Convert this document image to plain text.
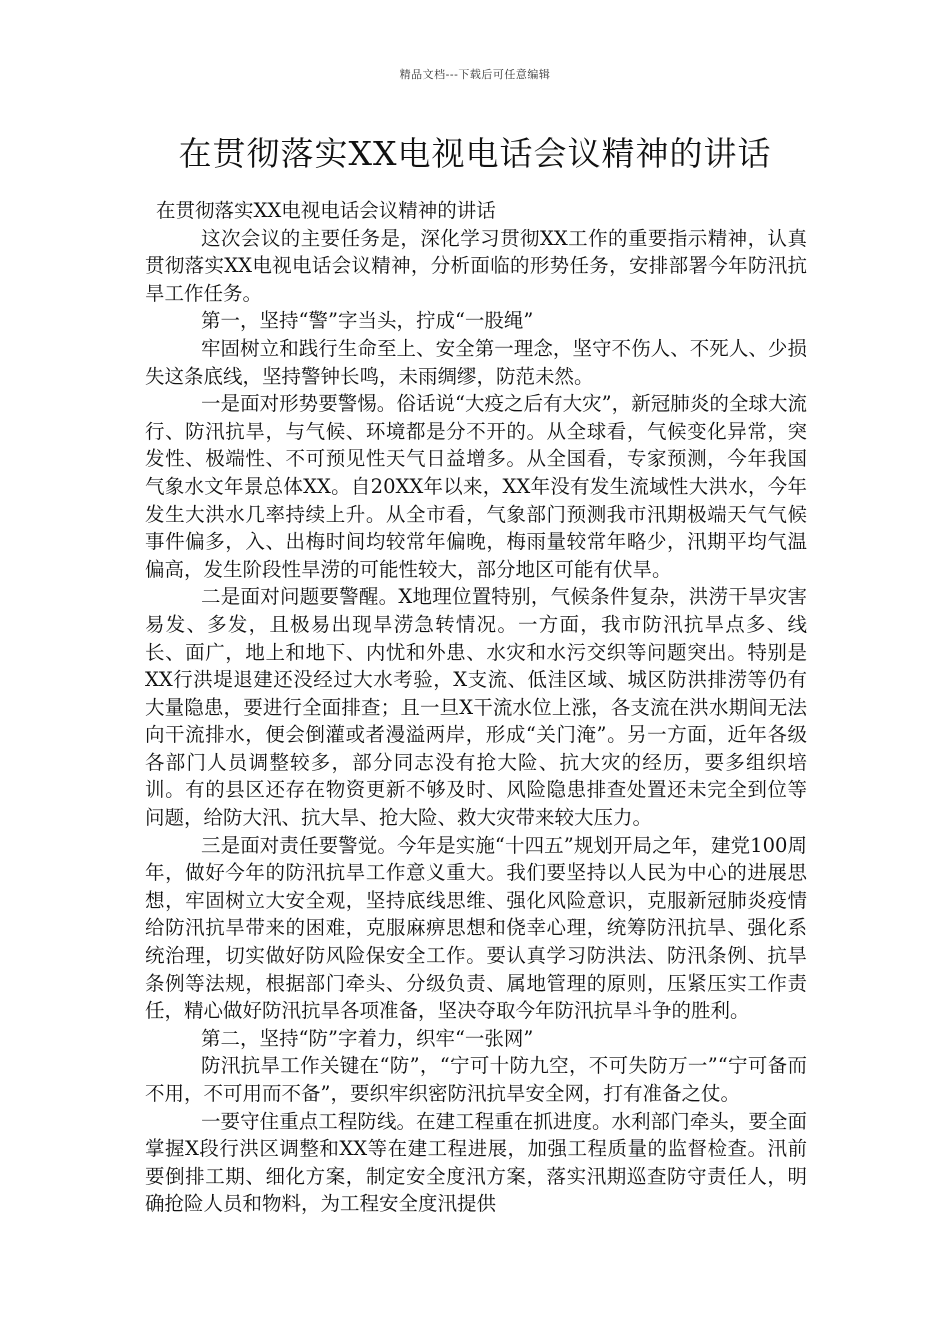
精品文档---下载后可任意编辑
在贯彻落实XX电视电话会议精神的讲话

在贯彻落实XX电视电话会议精神的讲话

这次会议的主要任务是，深化学习贯彻XX工作的重要指示精神，认真贯彻落实XX电视电话会议精神，分析面临的形势任务，安排部署今年防汛抗旱工作任务。

第一，坚持“警”字当头，拧成“一股绳”

牢固树立和践行生命至上、安全第一理念，坚守不伤人、不死人、少损失这条底线，坚持警钟长鸣，未雨绸缪，防范未然。

一是面对形势要警惕。俗话说“大疫之后有大灾”，新冠肺炎的全球大流行、防汛抗旱，与气候、环境都是分不开的。从全球看，气候变化异常，突发性、极端性、不可预见性天气日益增多。从全国看，专家预测，今年我国气象水文年景总体XX。自20XX年以来，XX年没有发生流域性大洪水，今年发生大洪水几率持续上升。从全市看，气象部门预测我市汛期极端天气气候事件偏多，入、出梅时间均较常年偏晚，梅雨量较常年略少，汛期平均气温偏高，发生阶段性旱涝的可能性较大，部分地区可能有伏旱。

二是面对问题要警醒。X地理位置特别，气候条件复杂，洪涝干旱灾害易发、多发，且极易出现旱涝急转情况。一方面，我市防汛抗旱点多、线长、面广，地上和地下、内忧和外患、水灾和水污交织等问题突出。特别是XX行洪堤退建还没经过大水考验，X支流、低洼区域、城区防洪排涝等仍有大量隐患，要进行全面排查；且一旦X干流水位上涨，各支流在洪水期间无法向干流排水，便会倒灌或者漫溢两岸，形成“关门淹”。另一方面，近年各级各部门人员调整较多，部分同志没有抢大险、抗大灾的经历，要多组织培训。有的县区还存在物资更新不够及时、风险隐患排查处置还未完全到位等问题，给防大汛、抗大旱、抢大险、救大灾带来较大压力。

三是面对责任要警觉。今年是实施“十四五”规划开局之年，建党100周年，做好今年的防汛抗旱工作意义重大。我们要坚持以人民为中心的进展思想，牢固树立大安全观，坚持底线思维、强化风险意识，克服新冠肺炎疫情给防汛抗旱带来的困难，克服麻痹思想和侥幸心理，统筹防汛抗旱、强化系统治理，切实做好防风险保安全工作。要认真学习防洪法、防汛条例、抗旱条例等法规，根据部门牵头、分级负责、属地管理的原则，压紧压实工作责任，精心做好防汛抗旱各项准备，坚决夺取今年防汛抗旱斗争的胜利。

第二，坚持“防”字着力，织牢“一张网”

防汛抗旱工作关键在“防”，“宁可十防九空，不可失防万一”“宁可备而不用，不可用而不备”，要织牢织密防汛抗旱安全网，打有准备之仗。

一要守住重点工程防线。在建工程重在抓进度。水利部门牵头，要全面掌握X段行洪区调整和XX等在建工程进展，加强工程质量的监督检查。汛前要倒排工期、细化方案，制定安全度汛方案，落实汛期巡查防守责任人，明确抢险人员和物料，为工程安全度汛提供
